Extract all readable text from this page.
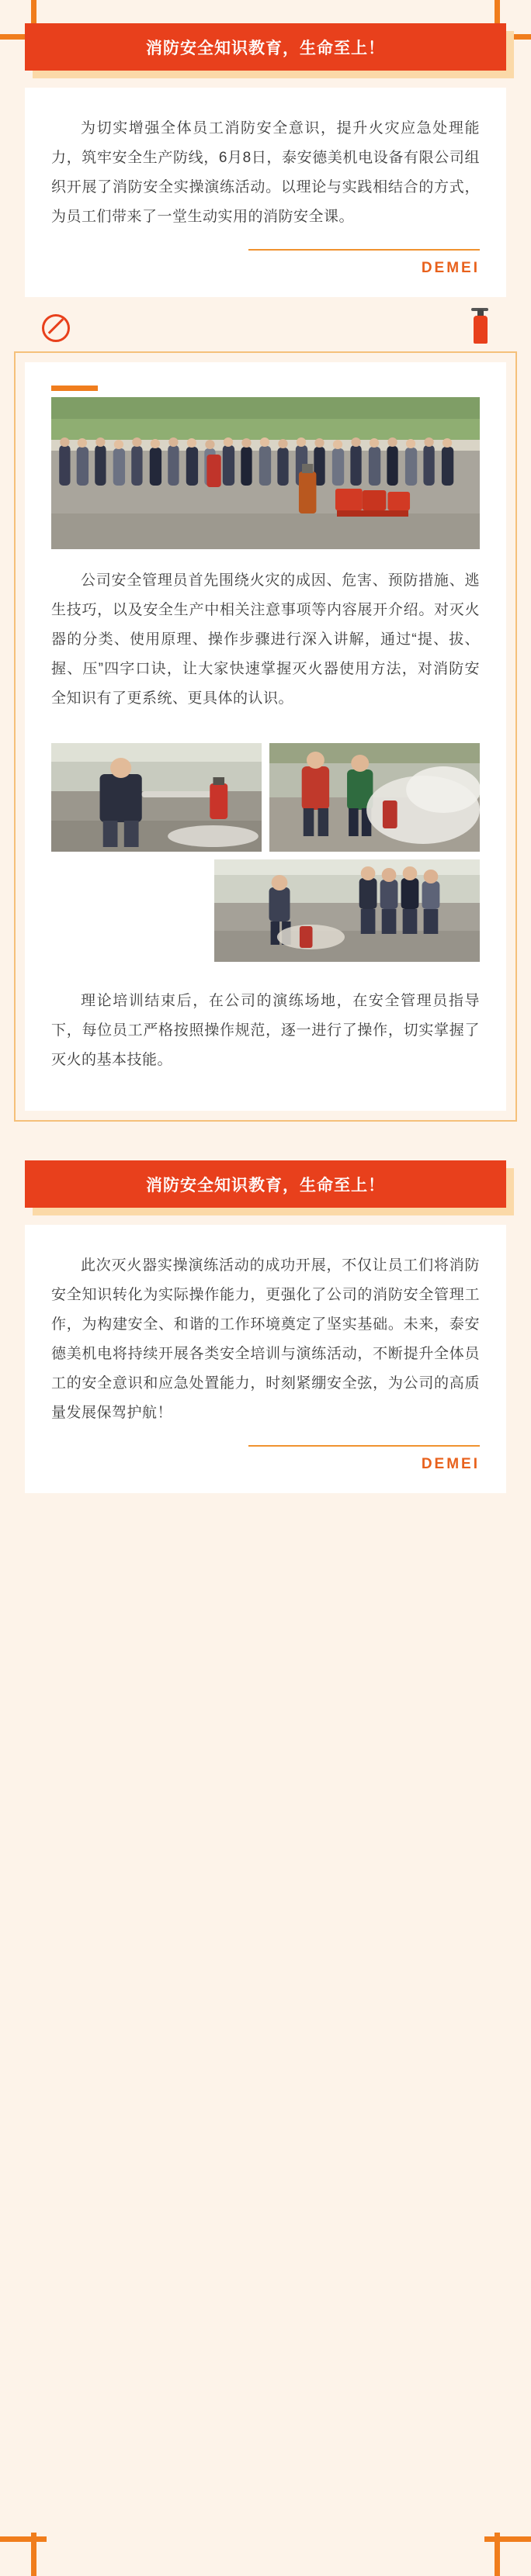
消防安全知识教育，生命至上！

为切实增强全体员工消防安全意识，提升火灾应急处理能力，筑牢安全生产防线，6月8日，泰安德美机电设备有限公司组织开展了消防安全实操演练活动。以理论与实践相结合的方式，为员工们带来了一堂生动实用的消防安全课。

DEMEI

公司安全管理员首先围绕火灾的成因、危害、预防措施、逃生技巧，以及安全生产中相关注意事项等内容展开介绍。对灭火器的分类、使用原理、操作步骤进行深入讲解，通过“提、拔、握、压”四字口诀，让大家快速掌握灭火器使用方法，对消防安全知识有了更系统、更具体的认识。

理论培训结束后，在公司的演练场地，在安全管理员指导下，每位员工严格按照操作规范，逐一进行了操作，切实掌握了灭火的基本技能。

消防安全知识教育，生命至上！

此次灭火器实操演练活动的成功开展，不仅让员工们将消防安全知识转化为实际操作能力，更强化了公司的消防安全管理工作，为构建安全、和谐的工作环境奠定了坚实基础。未来，泰安德美机电将持续开展各类安全培训与演练活动，不断提升全体员工的安全意识和应急处置能力，时刻紧绷安全弦，为公司的高质量发展保驾护航！

DEMEI
